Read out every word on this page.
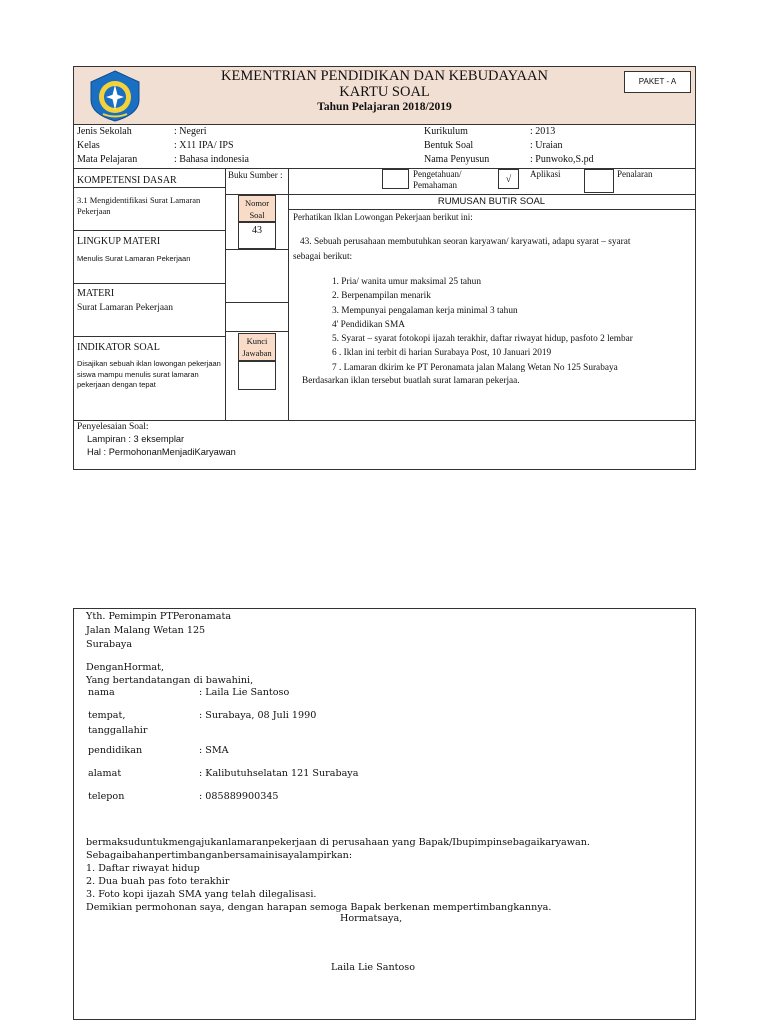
KEMENTRIAN PENDIDIKAN DAN KEBUDAYAAN
KARTU SOAL
Tahun Pelajaran 2018/2019
PAKET - A
Jenis Sekolah	: Negeri
Kelas	: X11 IPA/ IPS
Mata Pelajaran	: Bahasa indonesia
Kurikulum	: 2013
Bentuk Soal	: Uraian
Nama Penyusun	: Punwoko,S.pd
KOMPETENSI DASAR
3.1 Mengidentifikasi Surat Lamaran Pekerjaan
LINGKUP MATERI
Menulis Surat Lamaran Pekerjaan
MATERI
Surat Lamaran Pekerjaan
INDIKATOR SOAL
Disajikan sebuah iklan lowongan pekerjaan siswa mampu menulis surat lamaran pekerjaan dengan tepat
Buku Sumber :
Nomor Soal
43
Kunci Jawaban
Pengetahuan/ Pemahaman	√	Aplikasi	Penalaran
RUMUSAN BUTIR SOAL
Perhatikan Iklan Lowongan Pekerjaan berikut ini:
43. Sebuah perusahaan membutuhkan seoran karyawan/ karyawati, adapu syarat – syarat
sebagai berikut:
1. Pria/ wanita umur maksimal 25 tahun
2. Berpenampilan menarik
3. Mempunyai pengalaman kerja minimal 3 tahun
4' Pendidikan SMA
5. Syarat – syarat fotokopi ijazah terakhir, daftar riwayat hidup, pasfoto 2 lembar
6 . Iklan ini terbit di harian Surabaya Post, 10 Januari 2019
7 . Lamaran dkirim ke PT Peronamata jalan Malang Wetan No 125 Surabaya
Berdasarkan iklan tersebut buatlah surat lamaran pekerjaa.
Penyelesaian Soal:
Lampiran : 3 eksemplar
Hal : PermohonanMenjadiKaryawan
Yth. Pemimpin PTPeronamata
Jalan Malang Wetan 125
Surabaya
DenganHormat,
Yang bertandatangan di bawahini,
nama	: Laila Lie Santoso
tempat,
tanggallahir
: Surabaya, 08 Juli 1990
pendidikan	: SMA
alamat	: Kalibutuhselatan 121 Surabaya
telepon	: 085889900345
bermaksuduntukmengajukanlamaranpekerjaan di perusahaan yang Bapak/Ibupimpinsebagaikaryawan.
Sebagaibahanpertimbanganbersamainisayalampirkan:
1. Daftar riwayat hidup
2. Dua buah pas foto terakhir
3. Foto kopi ijazah SMA yang telah dilegalisasi.
Demikian permohonan saya, dengan harapan semoga Bapak berkenan mempertimbangkannya.
Hormatsaya,
Laila Lie Santoso
